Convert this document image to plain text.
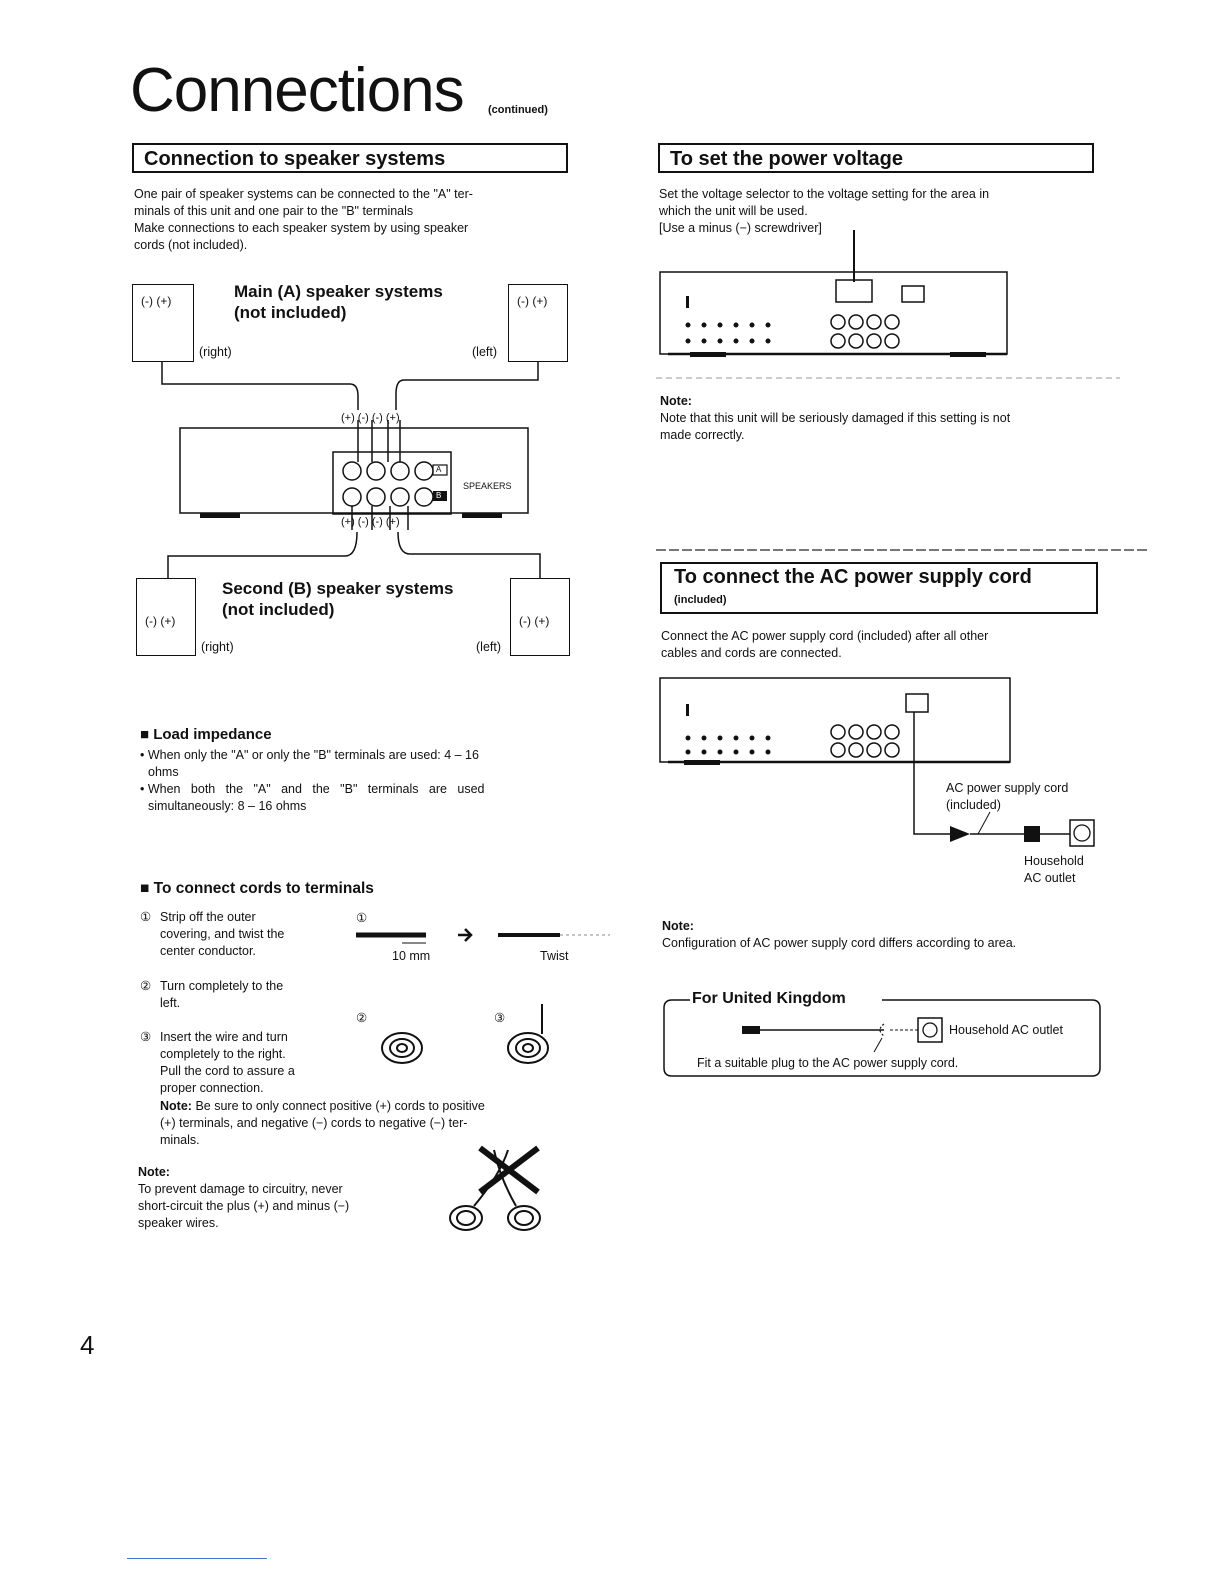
Connections (continued)
Connection to speaker systems
One pair of speaker systems can be connected to the "A" ter-
minals of this unit and one pair to the "B" terminals
Make connections to each speaker system by using speaker
cords (not included).
(-) (+)	(-) (+)
Main (A) speaker systems
(not included)
(right)	(left)
(+) (-) (-) (+)
(+) (-) (-) (+)
SPEAKERS
A
B
(-) (+)	(-) (+)
Second (B) speaker systems
(not included)
(right)	(left)
■ Load impedance
• When only the "A" or only the "B" terminals are used: 4 – 16
ohms
• When   both   the   "A"   and   the   "B"   terminals   are   used
simultaneously: 8 – 16 ohms
■ To connect cords to terminals
① Strip off the outer
covering, and twist the
center conductor.
①
10 mm	Twist
② Turn completely to the
left.
②	③
③ Insert the wire and turn
completely to the right.
Pull the cord to assure a
proper connection.
Note: Be sure to only connect positive (+) cords to positive
(+) terminals, and negative (−) cords to negative (−) ter-
minals.
Note:
To prevent damage to circuitry, never
short-circuit the plus (+) and minus (−)
speaker wires.
To set the power voltage
Set the voltage selector to the voltage setting for the area in
which the unit will be used.
[Use a minus (−) screwdriver]
Note:
Note that this unit will be seriously damaged if this setting is not
made correctly.
To connect the AC power supply cord
(included)
Connect the AC power supply cord (included) after all other
cables and cords are connected.
AC power supply cord
(included)
Household
AC outlet
Note:
Configuration of AC power supply cord differs according to area.
For United Kingdom
Household AC outlet
Fit a suitable plug to the AC power supply cord.
4
